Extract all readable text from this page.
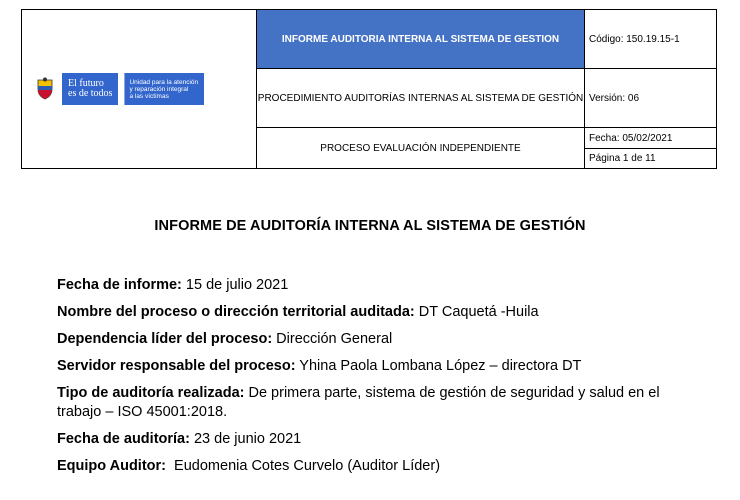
El futuro
es de todos
Unidad para la atención
y reparación integral
a las víctimas	INFORME AUDITORIA INTERNA AL SISTEMA DE GESTION	Código: 150.19.15-1
	PROCEDIMIENTO AUDITORÍAS INTERNAS AL SISTEMA DE GESTIÓN	Versión: 06
	PROCESO EVALUACIÓN INDEPENDIENTE	Fecha: 05/02/2021
		Página 1 de 11
INFORME DE AUDITORÍA INTERNA AL SISTEMA DE GESTIÓN
Fecha de informe: 15 de julio 2021
Nombre del proceso o dirección territorial auditada: DT Caquetá -Huila
Dependencia líder del proceso: Dirección General
Servidor responsable del proceso: Yhina Paola Lombana López – directora DT
Tipo de auditoría realizada: De primera parte, sistema de gestión de seguridad y salud en el trabajo – ISO 45001:2018.
Fecha de auditoría: 23 de junio 2021
Equipo Auditor:  Eudomenia Cotes Curvelo (Auditor Líder)
